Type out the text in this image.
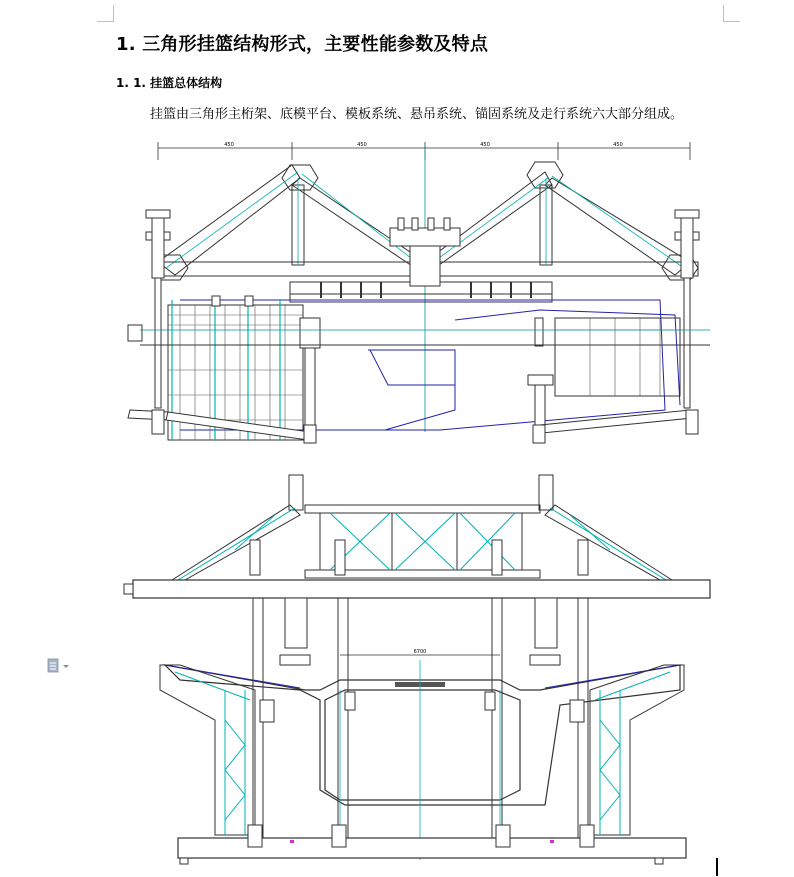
1. 三角形挂篮结构形式，主要性能参数及特点
1. 1. 挂篮总体结构

挂篮由三角形主桁架、底模平台、模板系统、悬吊系统、锚固系统及走行系统六大部分组成。

450	450	450	450
6700
